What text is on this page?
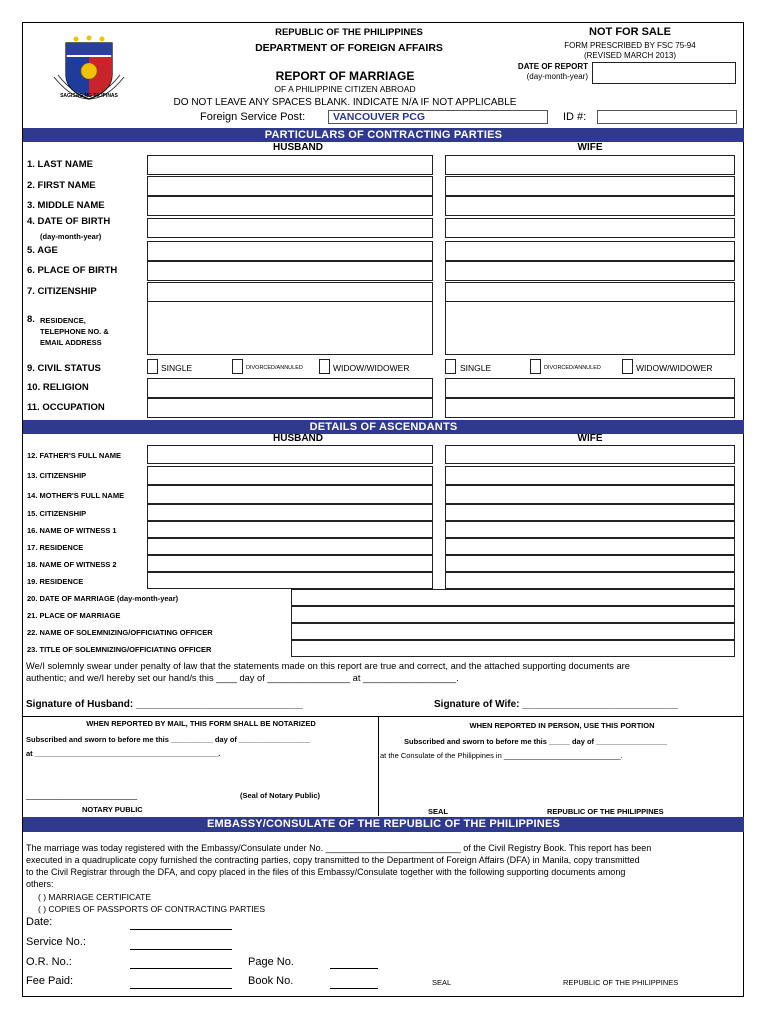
SAGISAG NG PILIPINAS
REPUBLIC OF THE PHILIPPINES
DEPARTMENT OF FOREIGN AFFAIRS
NOT FOR SALE
FORM PRESCRIBED BY FSC 75-94
(REVISED MARCH 2013)
DATE OF REPORT
(day-month-year)
REPORT OF MARRIAGE
OF A PHILIPPINE CITIZEN ABROAD
DO NOT LEAVE ANY SPACES BLANK. INDICATE N/A IF NOT APPLICABLE
Foreign Service Post:	VANCOUVER PCG	ID #:
PARTICULARS OF CONTRACTING PARTIES
HUSBAND	WIFE
1. LAST NAME
2. FIRST NAME
3. MIDDLE NAME
4. DATE OF BIRTH
(day-month-year)
5. AGE
6. PLACE OF BIRTH
7. CITIZENSHIP
8. RESIDENCE,
TELEPHONE NO. &
EMAIL ADDRESS
9. CIVIL STATUS	SINGLE	DIVORCED/ANNULED	WIDOW/WIDOWER	SINGLE	DIVORCED/ANNULED	WIDOW/WIDOWER
10. RELIGION
11. OCCUPATION
DETAILS OF ASCENDANTS
HUSBAND	WIFE
12. FATHER'S FULL NAME
13. CITIZENSHIP
14. MOTHER'S FULL NAME
15. CITIZENSHIP
16. NAME OF WITNESS 1
17. RESIDENCE
18. NAME OF WITNESS 2
19. RESIDENCE
20. DATE OF MARRIAGE (day-month-year)
21. PLACE OF MARRIAGE
22. NAME OF SOLEMNIZING/OFFICIATING OFFICER
23. TITLE OF SOLEMNIZING/OFFICIATING OFFICER
We/I solemnly swear under penalty of law that the statements made on this report are true and correct, and the attached supporting documents are
authentic; and we/I hereby set our hand/s this ____ day of ________________ at __________________.
Signature of Husband: ______________________________	Signature of Wife: ____________________________
WHEN REPORTED BY MAIL, THIS FORM SHALL BE NOTARIZED
Subscribed and sworn to before me this __________ day of _________________
at ____________________________________________.
(Seal of Notary Public)
_________________________
NOTARY PUBLIC
WHEN REPORTED IN PERSON, USE THIS PORTION
Subscribed and sworn to before me this _____ day of _________________
at the Consulate of the Philippines in ____________________________.
SEAL	REPUBLIC OF THE PHILIPPINES
EMBASSY/CONSULATE OF THE REPUBLIC OF THE PHILIPPINES
The marriage was today registered with the Embassy/Consulate under No. ___________________________ of the Civil Registry Book. This report has been
executed in a quadruplicate copy furnished the contracting parties, copy transmitted to the Department of Foreign Affairs (DFA) in Manila, copy transmitted
to the Civil Registrar through the DFA, and copy placed in the files of this Embassy/Consulate together with the following supporting documents among
others:
( ) MARRIAGE CERTIFICATE
( ) COPIES OF PASSPORTS OF CONTRACTING PARTIES
Date:
Service No.:
O.R. No.:	Page No.
Fee Paid:	Book No.	SEAL	REPUBLIC OF THE PHILIPPINES
